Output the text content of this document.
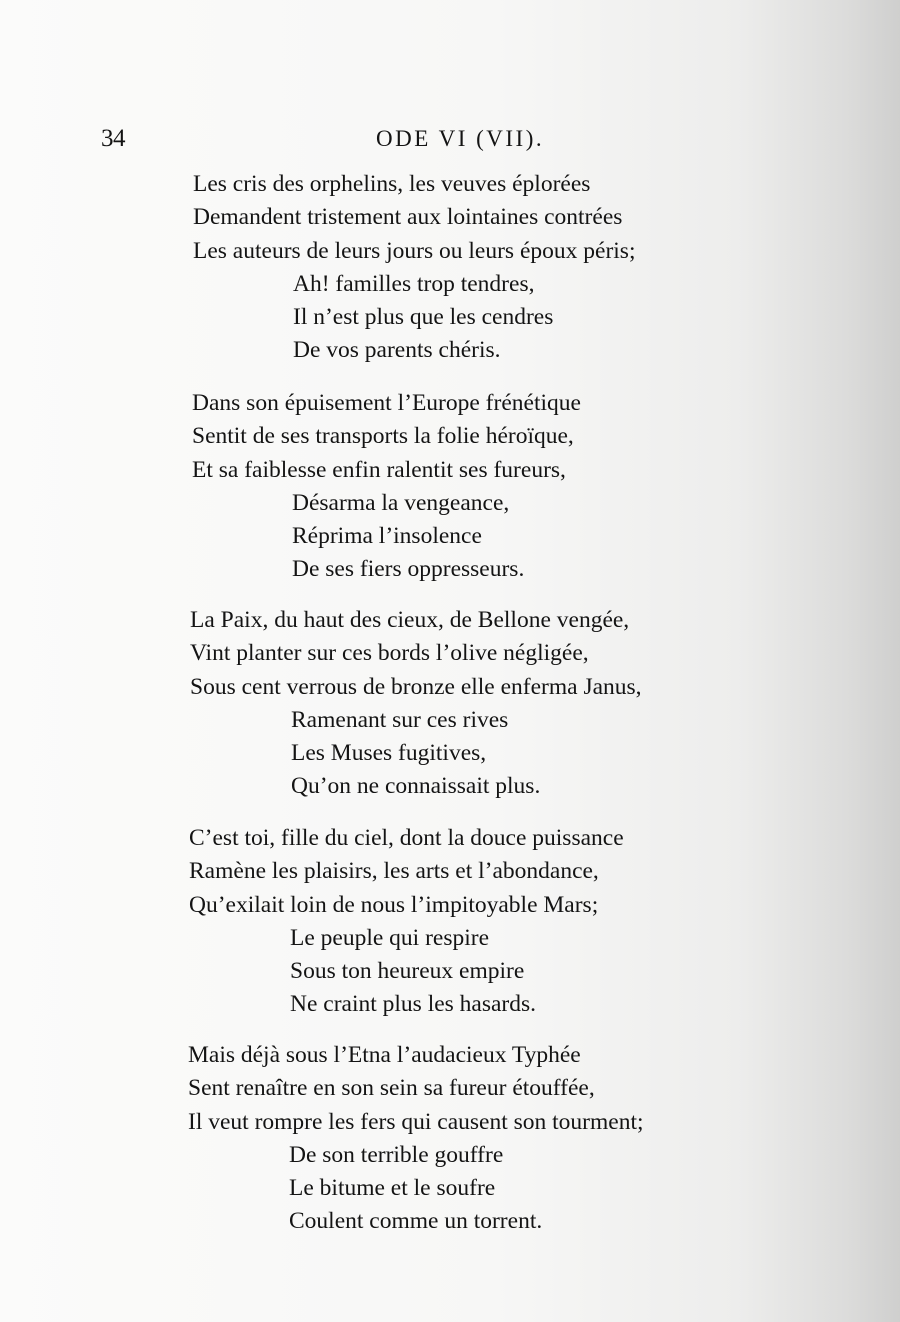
34	ODE VI (VII).
Les cris des orphelins, les veuves éplorées
Demandent tristement aux lointaines contrées
Les auteurs de leurs jours ou leurs époux péris;
Ah! familles trop tendres,
Il n’est plus que les cendres
De vos parents chéris.
Dans son épuisement l’Europe frénétique
Sentit de ses transports la folie héroïque,
Et sa faiblesse enfin ralentit ses fureurs,
Désarma la vengeance,
Réprima l’insolence
De ses fiers oppresseurs.
La Paix, du haut des cieux, de Bellone vengée,
Vint planter sur ces bords l’olive négligée,
Sous cent verrous de bronze elle enferma Janus,
Ramenant sur ces rives
Les Muses fugitives,
Qu’on ne connaissait plus.
C’est toi, fille du ciel, dont la douce puissance
Ramène les plaisirs, les arts et l’abondance,
Qu’exilait loin de nous l’impitoyable Mars;
Le peuple qui respire
Sous ton heureux empire
Ne craint plus les hasards.
Mais déjà sous l’Etna l’audacieux Typhée
Sent renaître en son sein sa fureur étouffée,
Il veut rompre les fers qui causent son tourment;
De son terrible gouffre
Le bitume et le soufre
Coulent comme un torrent.
